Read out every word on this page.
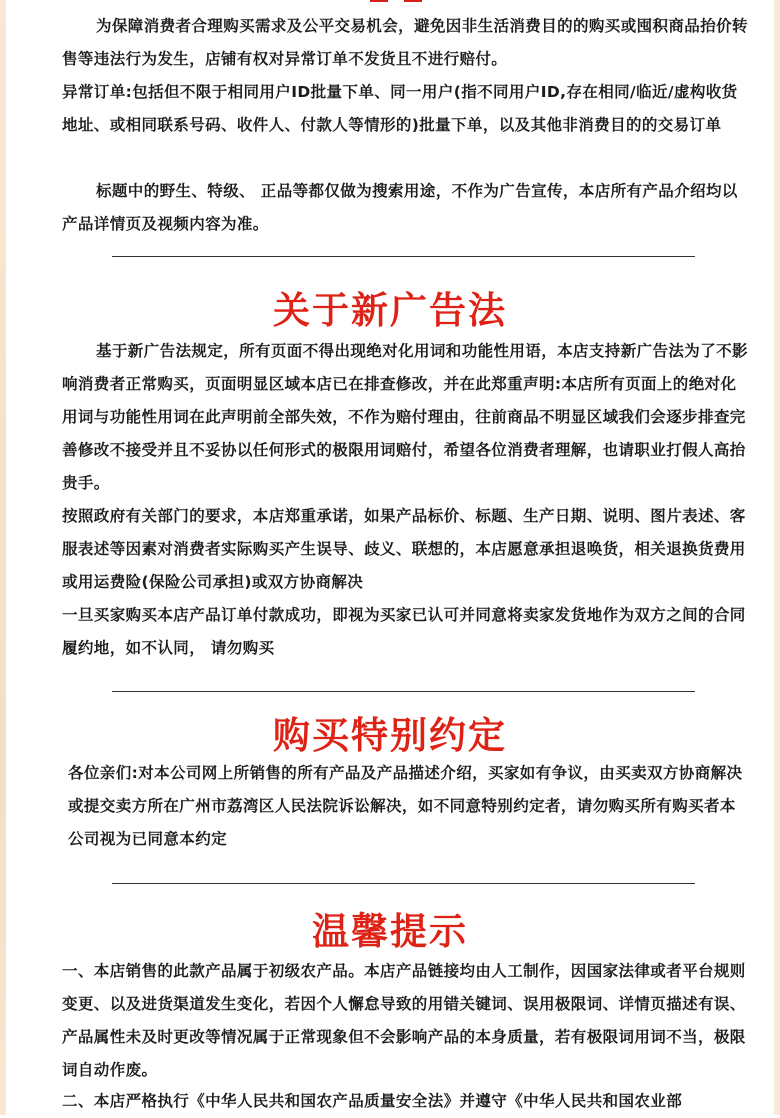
为保障消费者合理购买需求及公平交易机会，避免因非生活消费目的的购买或囤积商品抬价转售等违法行为发生，店铺有权对异常订单不发货且不进行赔付。
异常订单:包括但不限于相同用户ID批量下单、同一用户(指不同用户ID,存在相同/临近/虚构收货地址、或相同联系号码、收件人、付款人等情形的)批量下单，以及其他非消费目的的交易订单
标题中的野生、特级、 正品等都仅做为搜索用途，不作为广告宣传，本店所有产品介绍均以产品详情页及视频内容为准。
关于新广告法
基于新广告法规定，所有页面不得出现绝对化用词和功能性用语，本店支持新广告法为了不影响消费者正常购买，页面明显区域本店已在排查修改，并在此郑重声明:本店所有页面上的绝对化用词与功能性用词在此声明前全部失效，不作为赔付理由，往前商品不明显区域我们会逐步排查完善修改不接受并且不妥协以任何形式的极限用词赔付，希望各位消费者理解，也请职业打假人高抬贵手。
按照政府有关部门的要求，本店郑重承诺，如果产品标价、标题、生产日期、说明、图片表述、客服表述等因素对消费者实际购买产生误导、歧义、联想的，本店愿意承担退唤货，相关退换货费用或用运费险(保险公司承担)或双方协商解决
一旦买家购买本店产品订单付款成功，即视为买家已认可并同意将卖家发货地作为双方之间的合同履约地，如不认同， 请勿购买
购买特别约定
各位亲们:对本公司网上所销售的所有产品及产品描述介绍，买家如有争议，由买卖双方协商解决或提交卖方所在广州市荔湾区人民法院诉讼解决，如不同意特别约定者，请勿购买所有购买者本公司视为已同意本约定
温馨提示
一、本店销售的此款产品属于初级农产品。本店产品链接均由人工制作，因国家法律或者平台规则变更、以及进货渠道发生变化，若因个人懈怠导致的用错关键词、误用极限词、详情页描述有误、产品属性未及时更改等情况属于正常现象但不会影响产品的本身质量，若有极限词用词不当，极限词自动作废。
二、本店严格执行《中华人民共和国农产品质量安全法》并遵守《中华人民共和国农业部
